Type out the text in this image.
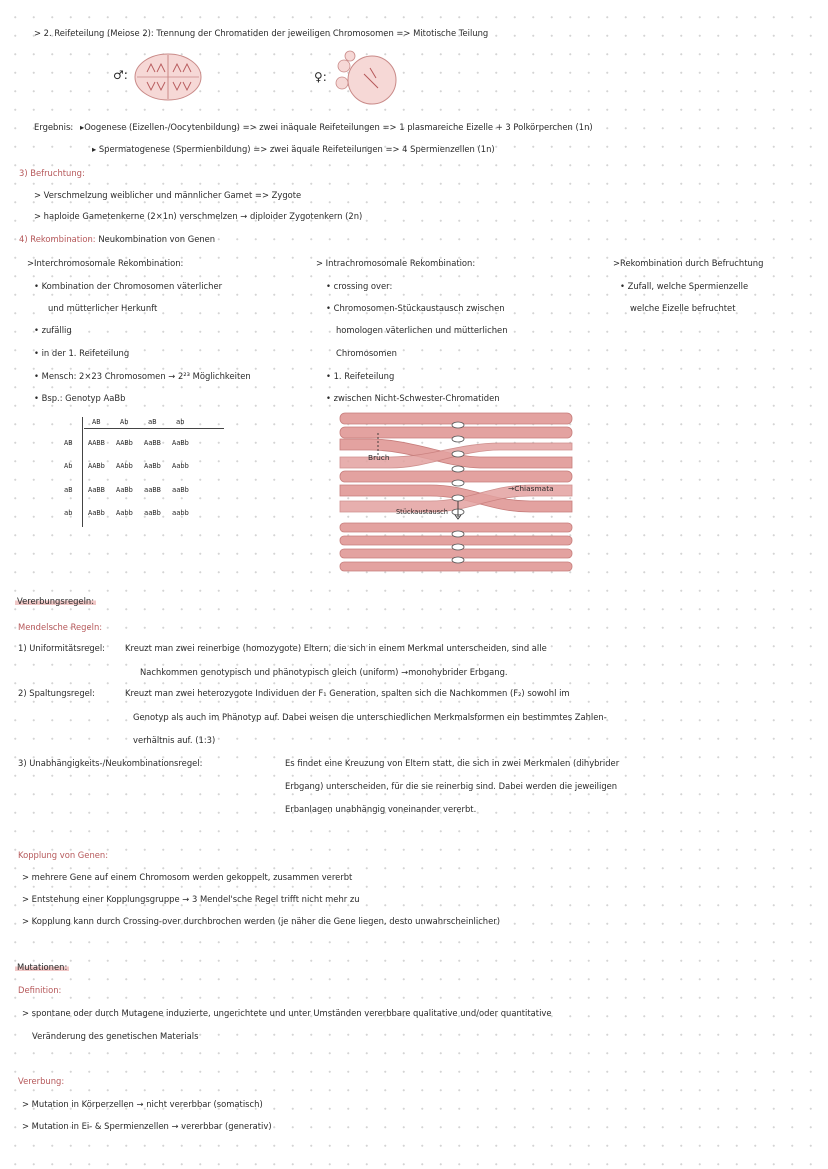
> 2. Reifeteilung (Meiose 2): Trennung der Chromatiden der jeweiligen Chromosomen => Mitotische Teilung
♂:	♀:
Ergebnis: ▸Oogenese (Eizellen-/Oocytenbildung) => zwei inäquale Reifeteilungen => 1 plasmareiche Eizelle + 3 Polkörperchen (1n)
▸ Spermatogenese (Spermienbildung) => zwei äquale Reifeteilungen => 4 Spermienzellen (1n)
3) Befruchtung:
> Verschmelzung weiblicher und männlicher Gamet => Zygote
> haploide Gametenkerne (2×1n) verschmelzen → diploider Zygotenkern (2n)
4) Rekombination: Neukombination von Genen
>Interchromosomale Rekombination:
• Kombination der Chromosomen väterlicher
und mütterlicher Herkunft
• zufällig
• in der 1. Reifeteilung
• Mensch: 2×23 Chromosomen → 2²³ Möglichkeiten
• Bsp.: Genotyp AaBb
AB	Ab	aB	ab
AB AABB AABb AaBB AaBb
Ab AABb AAbb AaBb Aabb
aB AaBB AaBb aaBB aaBb
ab AaBb Aabb aaBb aabb
> Intrachromosomale Rekombination:
• crossing over:
• Chromosomen-Stückaustausch zwischen
homologen väterlichen und mütterlichen
Chromosomen
• 1. Reifeteilung
• zwischen Nicht-Schwester-Chromatiden
>Rekombination durch Befruchtung
• Zufall, welche Spermienzelle
welche Eizelle befruchtet
Bruch
→Chiasmata
Stückaustausch
Vererbungsregeln:
Mendelsche Regeln:
1) Uniformitätsregel: Kreuzt man zwei reinerbige (homozygote) Eltern, die sich in einem Merkmal unterscheiden, sind alle
Nachkommen genotypisch und phänotypisch gleich (uniform) →monohybrider Erbgang.
2) Spaltungsregel:	Kreuzt man zwei heterozygote Individuen der F₁ Generation, spalten sich die Nachkommen (F₂) sowohl im
Genotyp als auch im Phänotyp auf. Dabei weisen die unterschiedlichen Merkmalsformen ein bestimmtes Zahlen-
verhältnis auf. (1:3)
3) Unabhängigkeits-/Neukombinationsregel:	Es findet eine Kreuzung von Eltern statt, die sich in zwei Merkmalen (dihybrider
Erbgang) unterscheiden, für die sie reinerbig sind. Dabei werden die jeweiligen
Erbanlagen unabhängig voneinander vererbt.
Kopplung von Genen:
> mehrere Gene auf einem Chromosom werden gekoppelt, zusammen vererbt
> Entstehung einer Kopplungsgruppe → 3 Mendel'sche Regel trifft nicht mehr zu
> Kopplung kann durch Crossing-over durchbrochen werden (je näher die Gene liegen, desto unwahrscheinlicher)
Mutationen:
Definition:
> spontane oder durch Mutagene induzierte, ungerichtete und unter Umständen vererbbare qualitative und/oder quantitative
Veränderung des genetischen Materials
Vererbung:
> Mutation in Körperzellen → nicht vererbbar (somatisch)
> Mutation in Ei- & Spermienzellen → vererbbar (generativ)
